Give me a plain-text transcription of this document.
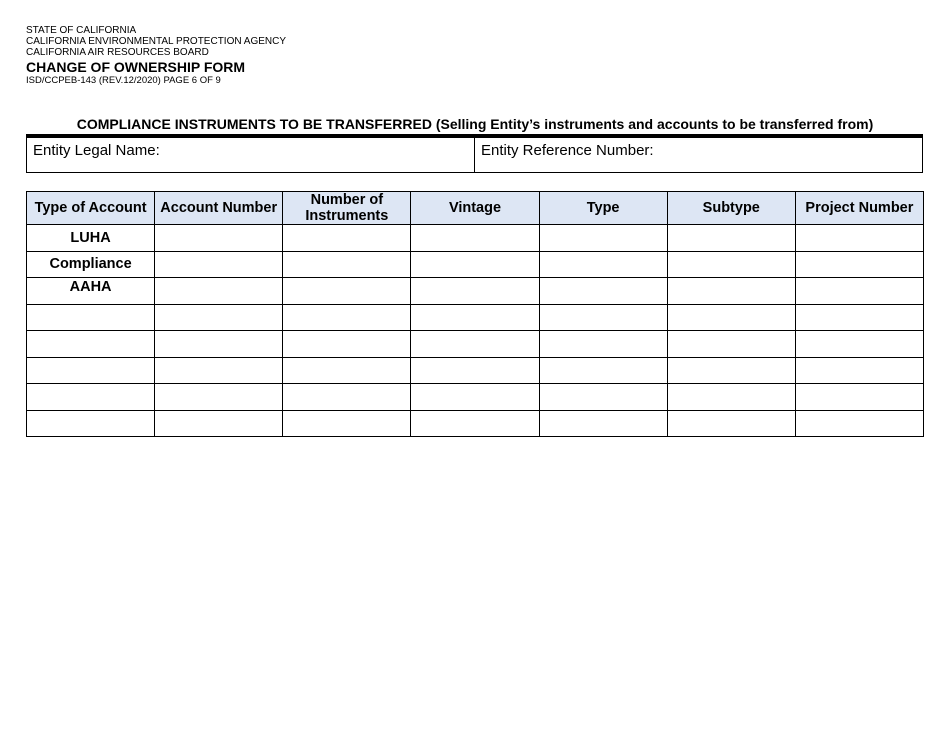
STATE OF CALIFORNIA
CALIFORNIA ENVIRONMENTAL PROTECTION AGENCY
CALIFORNIA AIR RESOURCES BOARD
CHANGE OF OWNERSHIP FORM
ISD/CCPEB-143 (REV.12/2020) PAGE 6 OF 9
COMPLIANCE INSTRUMENTS TO BE TRANSFERRED (Selling Entity’s instruments and accounts to be transferred from)
Entity Legal Name:	Entity Reference Number:
Type of Account	Account Number	Number of Instruments	Vintage	Type	Subtype	Project Number
LUHA						
Compliance						
AAHA						
